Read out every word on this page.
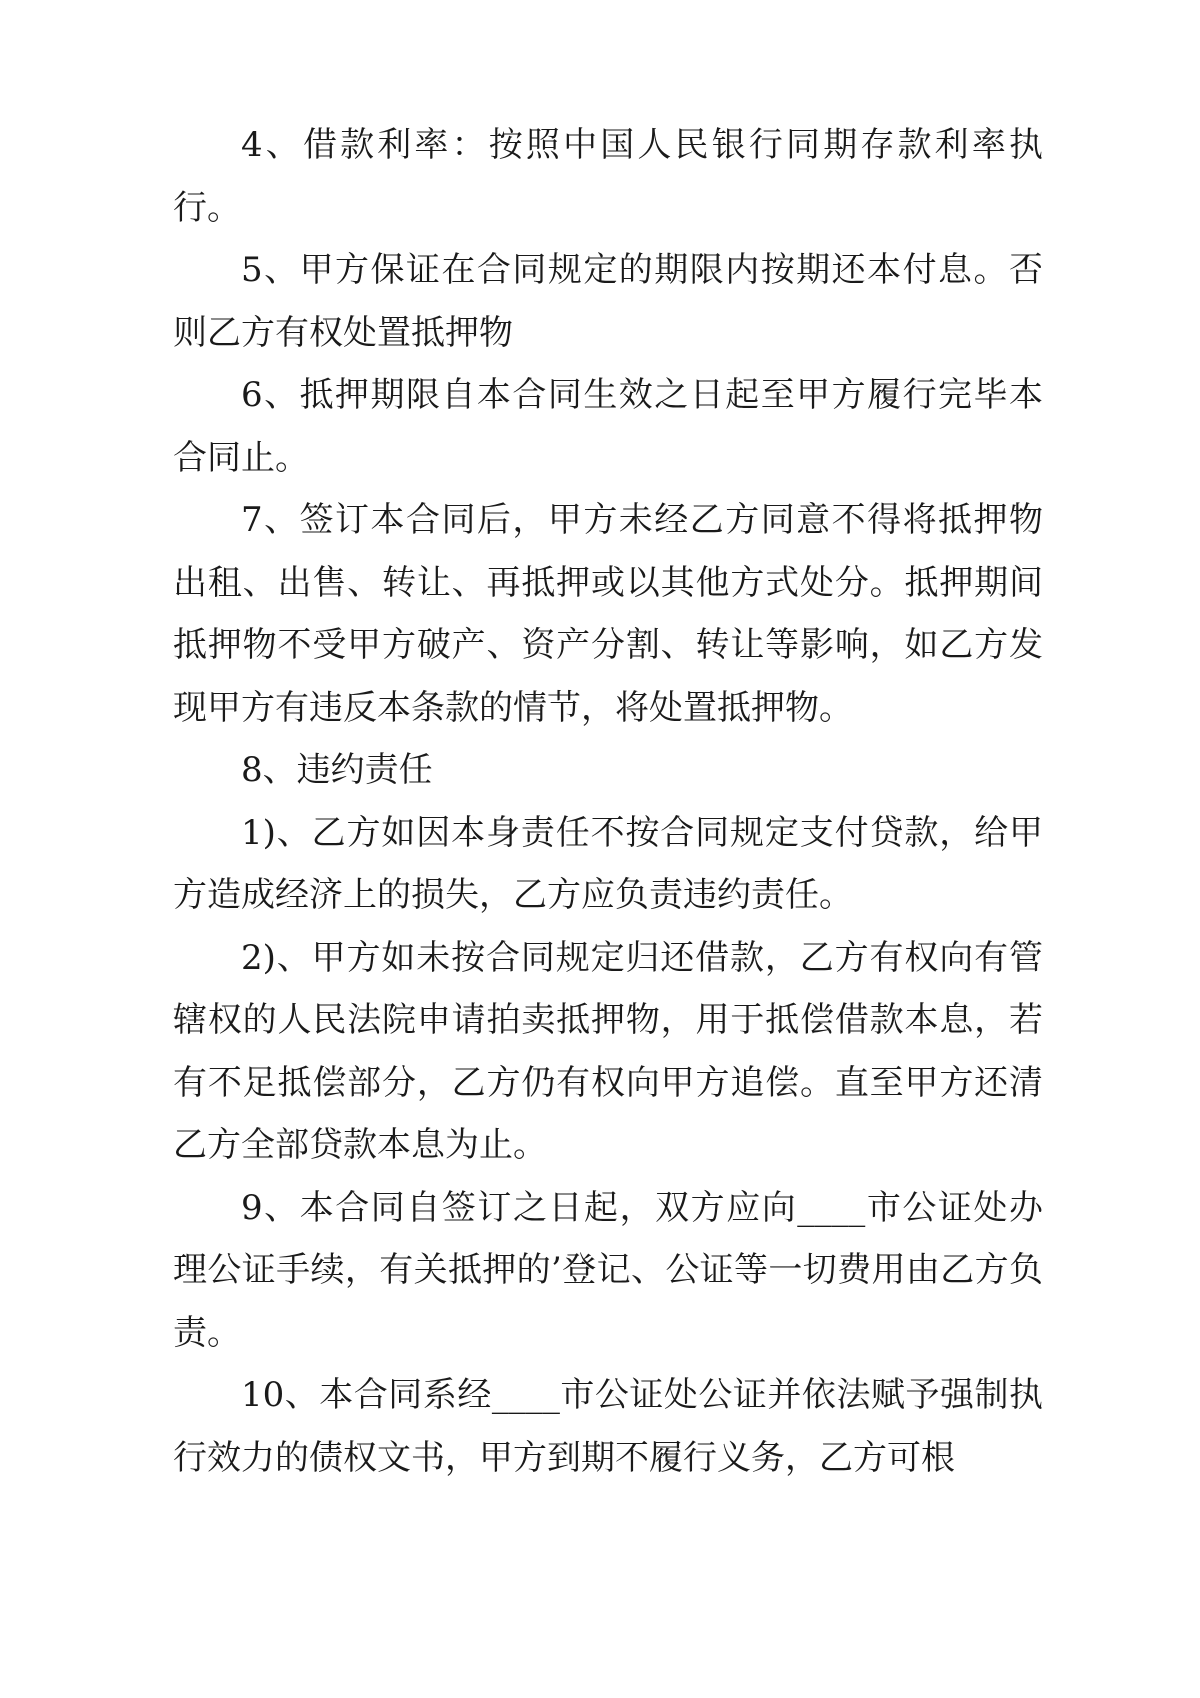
4、借款利率：按照中国人民银行同期存款利率执行。

5、甲方保证在合同规定的期限内按期还本付息。否则乙方有权处置抵押物

6、抵押期限自本合同生效之日起至甲方履行完毕本合同止。

7、签订本合同后，甲方未经乙方同意不得将抵押物出租、出售、转让、再抵押或以其他方式处分。抵押期间抵押物不受甲方破产、资产分割、转让等影响，如乙方发现甲方有违反本条款的情节，将处置抵押物。

8、违约责任

1)、乙方如因本身责任不按合同规定支付贷款，给甲方造成经济上的损失，乙方应负责违约责任。

2)、甲方如未按合同规定归还借款，乙方有权向有管辖权的人民法院申请拍卖抵押物，用于抵偿借款本息，若有不足抵偿部分，乙方仍有权向甲方追偿。直至甲方还清乙方全部贷款本息为止。

9、本合同自签订之日起，双方应向____市公证处办理公证手续，有关抵押的’登记、公证等一切费用由乙方负责。

10、本合同系经____市公证处公证并依法赋予强制执行效力的债权文书，甲方到期不履行义务，乙方可根
